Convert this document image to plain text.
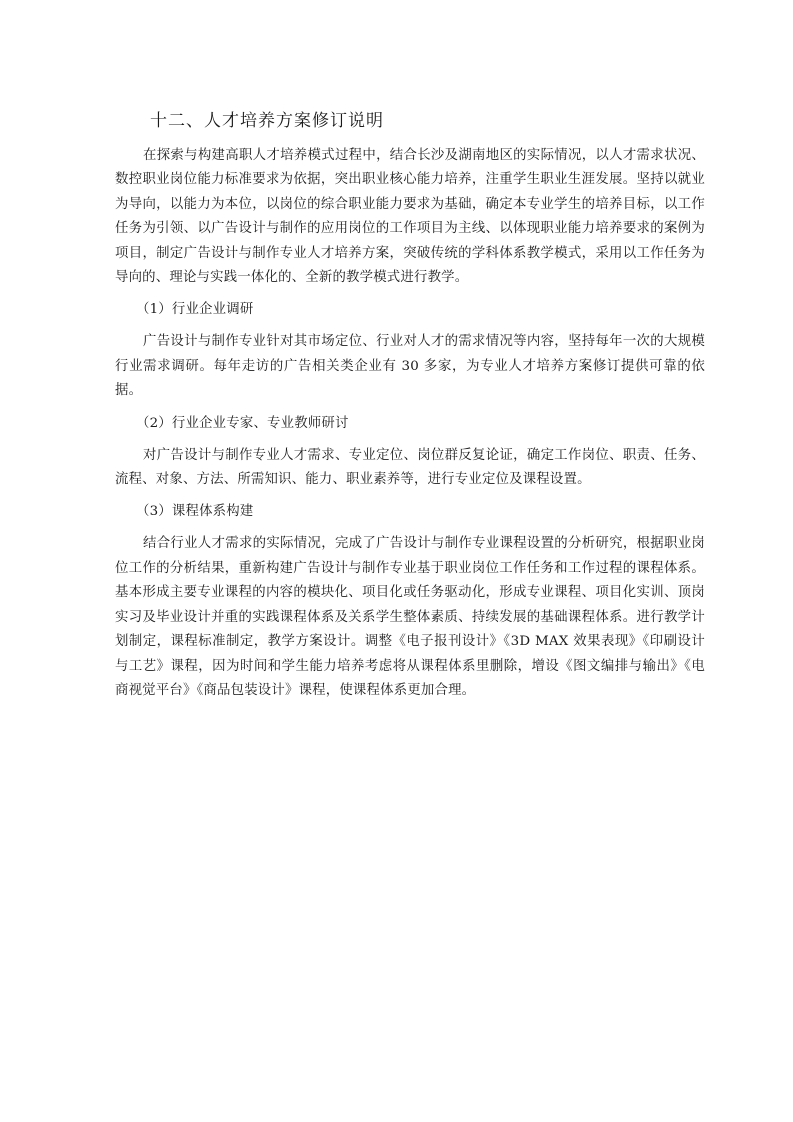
十二、人才培养方案修订说明

在探索与构建高职人才培养模式过程中，结合长沙及湖南地区的实际情况，以人才需求状况、数控职业岗位能力标准要求为依据，突出职业核心能力培养，注重学生职业生涯发展。坚持以就业为导向，以能力为本位，以岗位的综合职业能力要求为基础，确定本专业学生的培养目标，以工作任务为引领、以广告设计与制作的应用岗位的工作项目为主线、以体现职业能力培养要求的案例为项目，制定广告设计与制作专业人才培养方案，突破传统的学科体系教学模式，采用以工作任务为导向的、理论与实践一体化的、全新的教学模式进行教学。

（1）行业企业调研

广告设计与制作专业针对其市场定位、行业对人才的需求情况等内容，坚持每年一次的大规模行业需求调研。每年走访的广告相关类企业有 30 多家，为专业人才培养方案修订提供可靠的依据。

（2）行业企业专家、专业教师研讨

对广告设计与制作专业人才需求、专业定位、岗位群反复论证，确定工作岗位、职责、任务、流程、对象、方法、所需知识、能力、职业素养等，进行专业定位及课程设置。

（3）课程体系构建

结合行业人才需求的实际情况，完成了广告设计与制作专业课程设置的分析研究，根据职业岗位工作的分析结果，重新构建广告设计与制作专业基于职业岗位工作任务和工作过程的课程体系。基本形成主要专业课程的内容的模块化、项目化或任务驱动化，形成专业课程、项目化实训、顶岗实习及毕业设计并重的实践课程体系及关系学生整体素质、持续发展的基础课程体系。进行教学计划制定，课程标准制定，教学方案设计。调整《电子报刊设计》《3D MAX 效果表现》《印刷设计与工艺》课程，因为时间和学生能力培养考虑将从课程体系里删除，增设《图文编排与输出》《电商视觉平台》《商品包装设计》课程，使课程体系更加合理。
